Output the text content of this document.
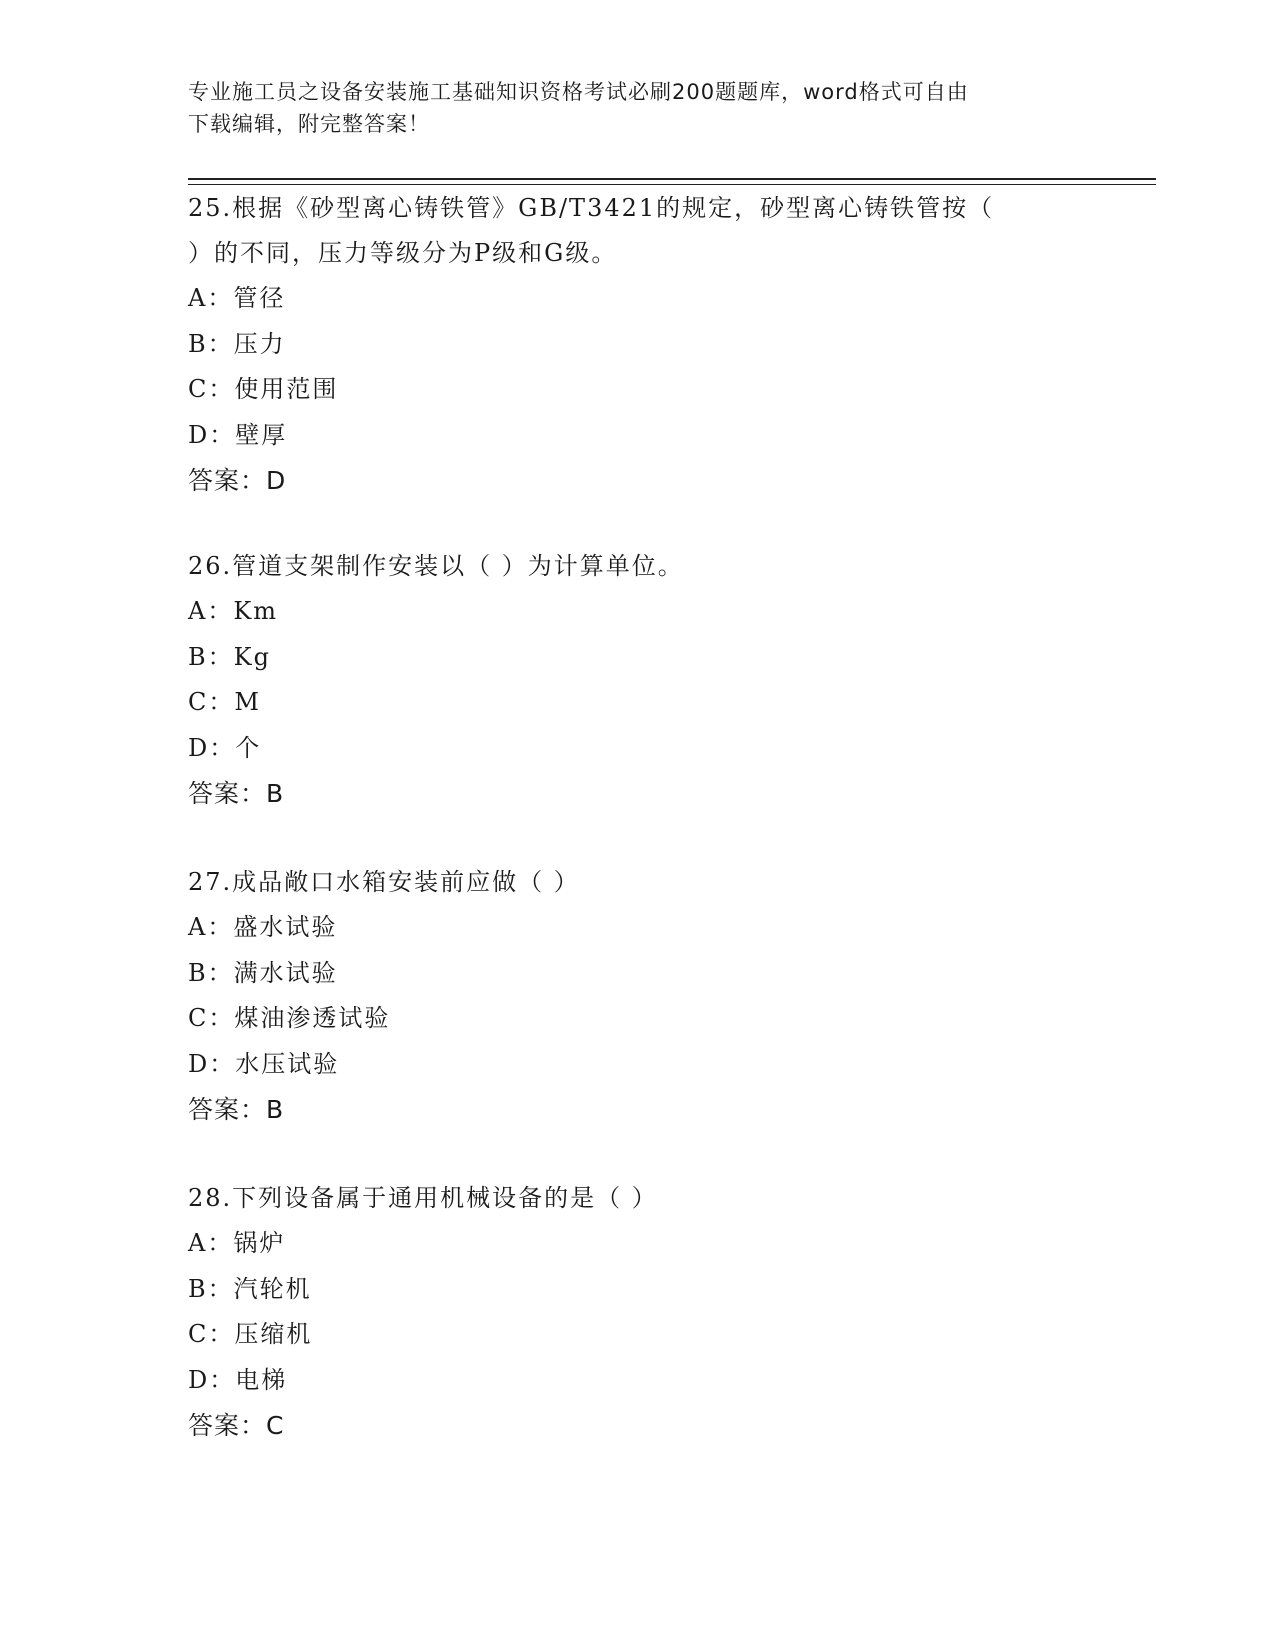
专业施工员之设备安装施工基础知识资格考试必刷200题题库，word格式可自由
下载编辑，附完整答案！
25.根据《砂型离心铸铁管》GB/T3421的规定，砂型离心铸铁管按（
）的不同，压力等级分为P级和G级。
A：管径
B：压力
C：使用范围
D：壁厚
答案：D
26.管道支架制作安装以（ ）为计算单位。
A：Km
B：Kg
C：M
D：个
答案：B
27.成品敞口水箱安装前应做（ ）
A：盛水试验
B：满水试验
C：煤油渗透试验
D：水压试验
答案：B
28.下列设备属于通用机械设备的是（ ）
A：锅炉
B：汽轮机
C：压缩机
D：电梯
答案：C
